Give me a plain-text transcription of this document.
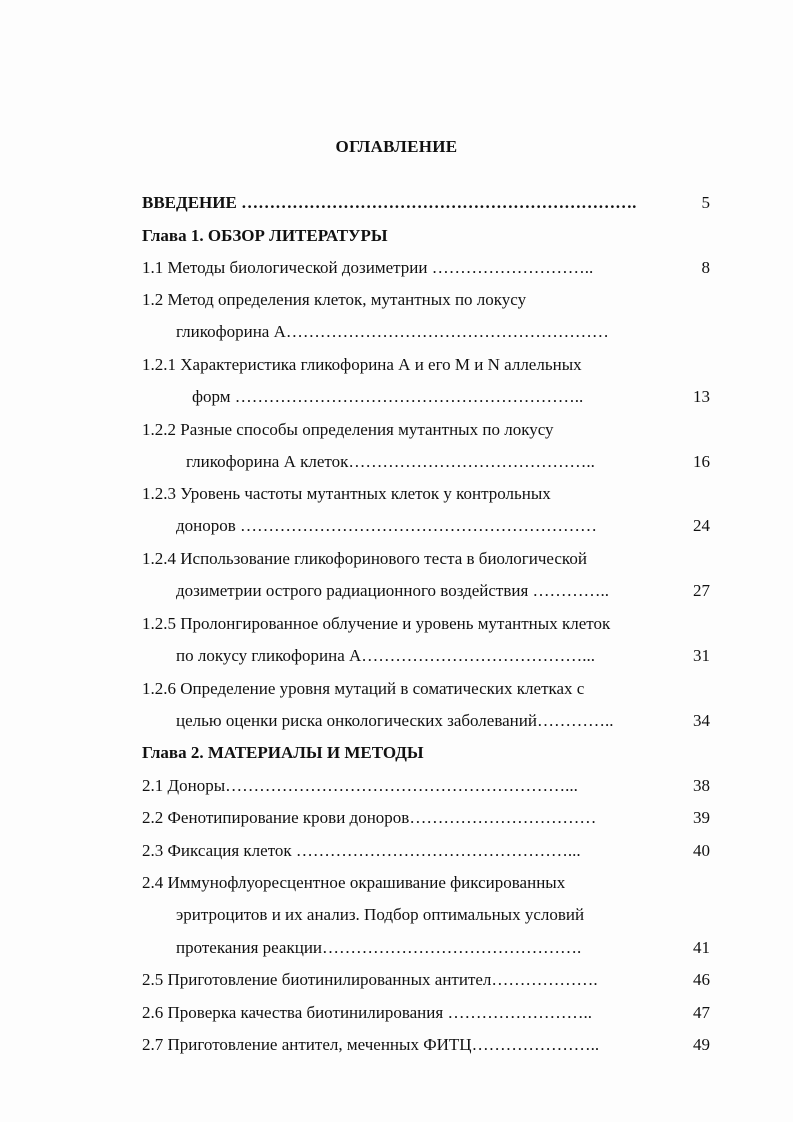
ОГЛАВЛЕНИЕ
ВВЕДЕНИЕ …………………………………………………………….	5
Глава 1. ОБЗОР ЛИТЕРАТУРЫ
1.1 Методы биологической дозиметрии ………………………..	8
1.2 Метод определения клеток, мутантных по локусу
гликофорина А…………………………………………………
1.2.1 Характеристика гликофорина А и его M и N аллельных
форм ……………………………………………………..	13
1.2.2 Разные способы определения мутантных по локусу
гликофорина А клеток……………………………………..	16
1.2.3 Уровень частоты мутантных клеток у контрольных
доноров ………………………………………………………	24
1.2.4 Использование гликофоринового теста в биологической
дозиметрии острого радиационного воздействия …………..	27
1.2.5 Пролонгированное облучение и уровень мутантных клеток
по локусу гликофорина А…………………………………...	31
1.2.6 Определение уровня мутаций в соматических клетках с
целью оценки риска онкологических заболеваний…………..	34
Глава 2. МАТЕРИАЛЫ И МЕТОДЫ
2.1 Доноры……………………………………………………...	38
2.2 Фенотипирование крови доноров……………………………	39
2.3 Фиксация клеток …………………………………………...	40
2.4 Иммунофлуоресцентное окрашивание фиксированных
эритроцитов и их анализ. Подбор оптимальных условий
протекания реакции……………………………………….	41
2.5 Приготовление биотинилированных антител……………….	46
2.6 Проверка качества биотинилирования ……………………..	47
2.7 Приготовление антител, меченных ФИТЦ…………………..	49
